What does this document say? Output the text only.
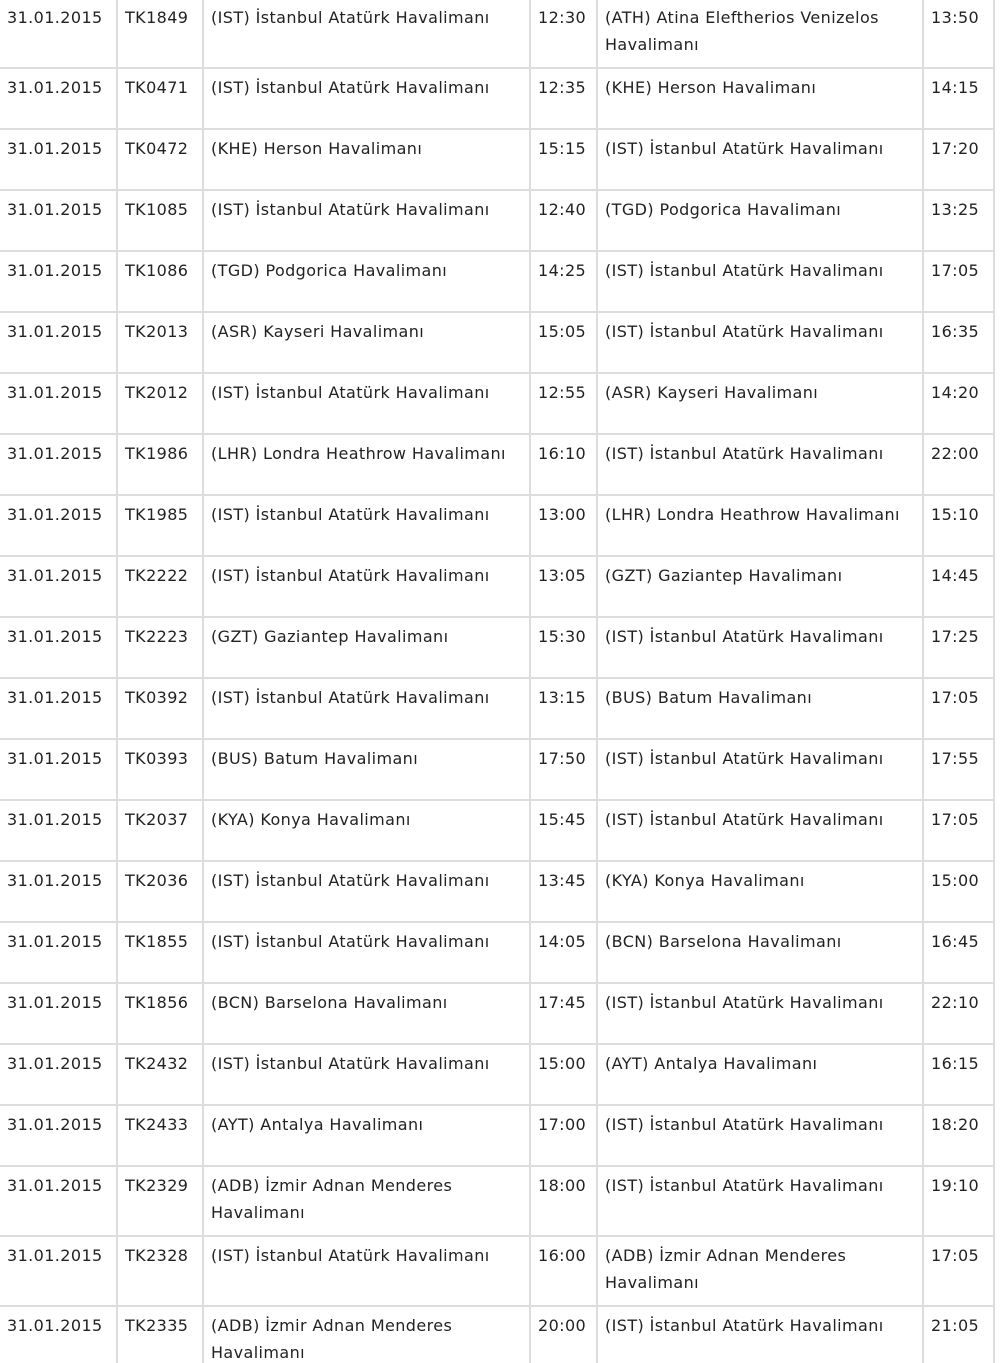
31.01.2015	TK1849	(IST) İstanbul Atatürk Havalimanı	12:30	(ATH) Atina Eleftherios Venizelos Havalimanı	13:50
31.01.2015	TK0471	(IST) İstanbul Atatürk Havalimanı	12:35	(KHE) Herson Havalimanı	14:15
31.01.2015	TK0472	(KHE) Herson Havalimanı	15:15	(IST) İstanbul Atatürk Havalimanı	17:20
31.01.2015	TK1085	(IST) İstanbul Atatürk Havalimanı	12:40	(TGD) Podgorica Havalimanı	13:25
31.01.2015	TK1086	(TGD) Podgorica Havalimanı	14:25	(IST) İstanbul Atatürk Havalimanı	17:05
31.01.2015	TK2013	(ASR) Kayseri Havalimanı	15:05	(IST) İstanbul Atatürk Havalimanı	16:35
31.01.2015	TK2012	(IST) İstanbul Atatürk Havalimanı	12:55	(ASR) Kayseri Havalimanı	14:20
31.01.2015	TK1986	(LHR) Londra Heathrow Havalimanı	16:10	(IST) İstanbul Atatürk Havalimanı	22:00
31.01.2015	TK1985	(IST) İstanbul Atatürk Havalimanı	13:00	(LHR) Londra Heathrow Havalimanı	15:10
31.01.2015	TK2222	(IST) İstanbul Atatürk Havalimanı	13:05	(GZT) Gaziantep Havalimanı	14:45
31.01.2015	TK2223	(GZT) Gaziantep Havalimanı	15:30	(IST) İstanbul Atatürk Havalimanı	17:25
31.01.2015	TK0392	(IST) İstanbul Atatürk Havalimanı	13:15	(BUS) Batum Havalimanı	17:05
31.01.2015	TK0393	(BUS) Batum Havalimanı	17:50	(IST) İstanbul Atatürk Havalimanı	17:55
31.01.2015	TK2037	(KYA) Konya Havalimanı	15:45	(IST) İstanbul Atatürk Havalimanı	17:05
31.01.2015	TK2036	(IST) İstanbul Atatürk Havalimanı	13:45	(KYA) Konya Havalimanı	15:00
31.01.2015	TK1855	(IST) İstanbul Atatürk Havalimanı	14:05	(BCN) Barselona Havalimanı	16:45
31.01.2015	TK1856	(BCN) Barselona Havalimanı	17:45	(IST) İstanbul Atatürk Havalimanı	22:10
31.01.2015	TK2432	(IST) İstanbul Atatürk Havalimanı	15:00	(AYT) Antalya Havalimanı	16:15
31.01.2015	TK2433	(AYT) Antalya Havalimanı	17:00	(IST) İstanbul Atatürk Havalimanı	18:20
31.01.2015	TK2329	(ADB) İzmir Adnan Menderes Havalimanı	18:00	(IST) İstanbul Atatürk Havalimanı	19:10
31.01.2015	TK2328	(IST) İstanbul Atatürk Havalimanı	16:00	(ADB) İzmir Adnan Menderes Havalimanı	17:05
31.01.2015	TK2335	(ADB) İzmir Adnan Menderes Havalimanı	20:00	(IST) İstanbul Atatürk Havalimanı	21:05
